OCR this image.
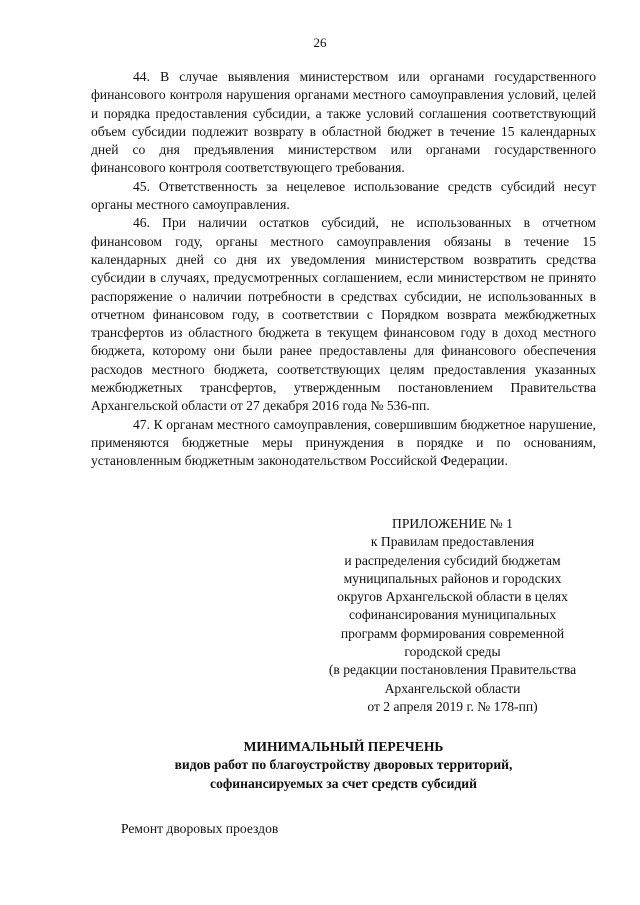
26

44. В случае выявления министерством или органами государственного финансового контроля нарушения органами местного самоуправления условий, целей и порядка предоставления субсидии, а также условий соглашения соответствующий объем субсидии подлежит возврату в областной бюджет в течение 15 календарных дней со дня предъявления министерством или органами государственного финансового контроля соответствующего требования.

45. Ответственность за нецелевое использование средств субсидий несут органы местного самоуправления.

46. При наличии остатков субсидий, не использованных в отчетном финансовом году, органы местного самоуправления обязаны в течение 15 календарных дней со дня их уведомления министерством возвратить средства субсидии в случаях, предусмотренных соглашением, если министерством не принято распоряжение о наличии потребности в средствах субсидии, не использованных в отчетном финансовом году, в соответствии с Порядком возврата межбюджетных трансфертов из областного бюджета в текущем финансовом году в доход местного бюджета, которому они были ранее предоставлены для финансового обеспечения расходов местного бюджета, соответствующих целям предоставления указанных межбюджетных трансфертов, утвержденным постановлением Правительства Архангельской области от 27 декабря 2016 года № 536-пп.

47. К органам местного самоуправления, совершившим бюджетное нарушение, применяются бюджетные меры принуждения в порядке и по основаниям, установленным бюджетным законодательством Российской Федерации.

ПРИЛОЖЕНИЕ № 1
к Правилам предоставления
и распределения субсидий бюджетам
муниципальных районов и городских
округов Архангельской области в целях
софинансирования муниципальных
программ формирования современной
городской среды
(в редакции постановления Правительства
Архангельской области
от 2 апреля 2019 г. № 178-пп)
МИНИМАЛЬНЫЙ ПЕРЕЧЕНЬ
видов работ по благоустройству дворовых территорий,
софинансируемых за счет средств субсидий
Ремонт дворовых проездов
